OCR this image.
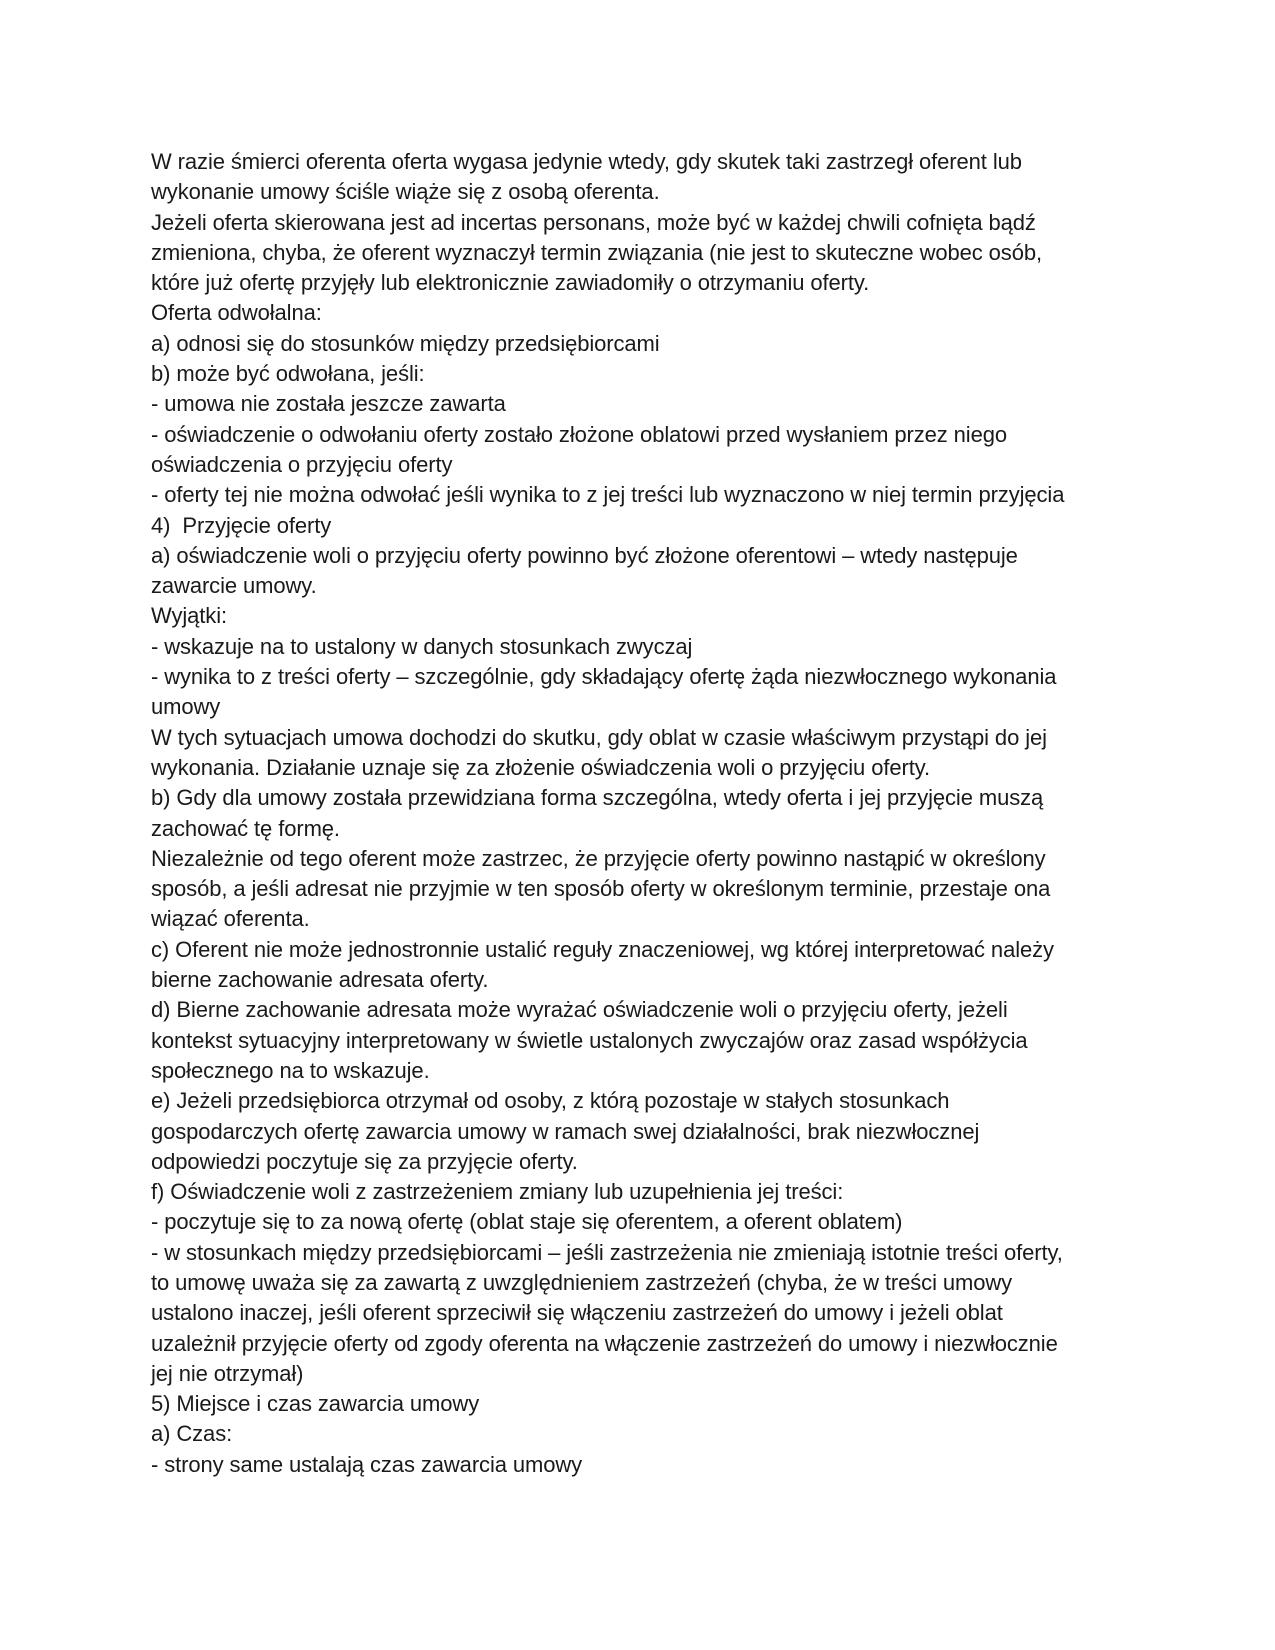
W razie śmierci oferenta oferta wygasa jedynie wtedy, gdy skutek taki zastrzegł oferent lub
wykonanie umowy ściśle wiąże się z osobą oferenta.
Jeżeli oferta skierowana jest ad incertas personans, może być w każdej chwili cofnięta bądź
zmieniona, chyba, że oferent wyznaczył termin związania (nie jest to skuteczne wobec osób,
które już ofertę przyjęły lub elektronicznie zawiadomiły o otrzymaniu oferty.
Oferta odwołalna:
a) odnosi się do stosunków między przedsiębiorcami
b) może być odwołana, jeśli:
- umowa nie została jeszcze zawarta
- oświadczenie o odwołaniu oferty zostało złożone oblatowi przed wysłaniem przez niego
oświadczenia o przyjęciu oferty
- oferty tej nie można odwołać jeśli wynika to z jej treści lub wyznaczono w niej termin przyjęcia
4)  Przyjęcie oferty
a) oświadczenie woli o przyjęciu oferty powinno być złożone oferentowi – wtedy następuje
zawarcie umowy.
Wyjątki:
- wskazuje na to ustalony w danych stosunkach zwyczaj
- wynika to z treści oferty – szczególnie, gdy składający ofertę żąda niezwłocznego wykonania
umowy
W tych sytuacjach umowa dochodzi do skutku, gdy oblat w czasie właściwym przystąpi do jej
wykonania. Działanie uznaje się za złożenie oświadczenia woli o przyjęciu oferty.
b) Gdy dla umowy została przewidziana forma szczególna, wtedy oferta i jej przyjęcie muszą
zachować tę formę.
Niezależnie od tego oferent może zastrzec, że przyjęcie oferty powinno nastąpić w określony
sposób, a jeśli adresat nie przyjmie w ten sposób oferty w określonym terminie, przestaje ona
wiązać oferenta.
c) Oferent nie może jednostronnie ustalić reguły znaczeniowej, wg której interpretować należy
bierne zachowanie adresata oferty.
d) Bierne zachowanie adresata może wyrażać oświadczenie woli o przyjęciu oferty, jeżeli
kontekst sytuacyjny interpretowany w świetle ustalonych zwyczajów oraz zasad współżycia
społecznego na to wskazuje.
e) Jeżeli przedsiębiorca otrzymał od osoby, z którą pozostaje w stałych stosunkach
gospodarczych ofertę zawarcia umowy w ramach swej działalności, brak niezwłocznej
odpowiedzi poczytuje się za przyjęcie oferty.
f) Oświadczenie woli z zastrzeżeniem zmiany lub uzupełnienia jej treści:
- poczytuje się to za nową ofertę (oblat staje się oferentem, a oferent oblatem)
- w stosunkach między przedsiębiorcami – jeśli zastrzeżenia nie zmieniają istotnie treści oferty,
to umowę uważa się za zawartą z uwzględnieniem zastrzeżeń (chyba, że w treści umowy
ustalono inaczej, jeśli oferent sprzeciwił się włączeniu zastrzeżeń do umowy i jeżeli oblat
uzależnił przyjęcie oferty od zgody oferenta na włączenie zastrzeżeń do umowy i niezwłocznie
jej nie otrzymał)
5) Miejsce i czas zawarcia umowy
a) Czas:
- strony same ustalają czas zawarcia umowy
